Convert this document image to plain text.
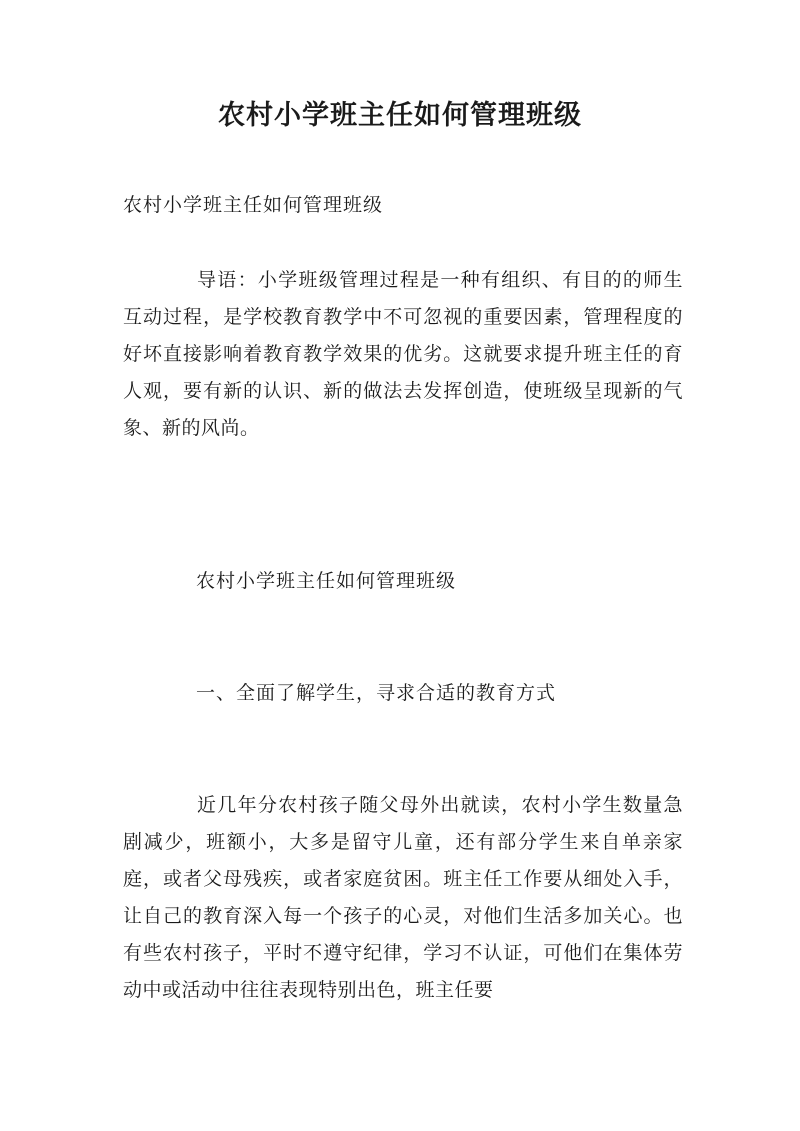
农村小学班主任如何管理班级

农村小学班主任如何管理班级

导语：小学班级管理过程是一种有组织、有目的的师生互动过程，是学校教育教学中不可忽视的重要因素，管理程度的好坏直接影响着教育教学效果的优劣。这就要求提升班主任的育人观，要有新的认识、新的做法去发挥创造，使班级呈现新的气象、新的风尚。

农村小学班主任如何管理班级

一、全面了解学生，寻求合适的教育方式

近几年分农村孩子随父母外出就读，农村小学生数量急剧减少，班额小，大多是留守儿童，还有部分学生来自单亲家庭，或者父母残疾，或者家庭贫困。班主任工作要从细处入手，让自己的教育深入每一个孩子的心灵，对他们生活多加关心。也有些农村孩子，平时不遵守纪律，学习不认证，可他们在集体劳动中或活动中往往表现特别出色，班主任要
